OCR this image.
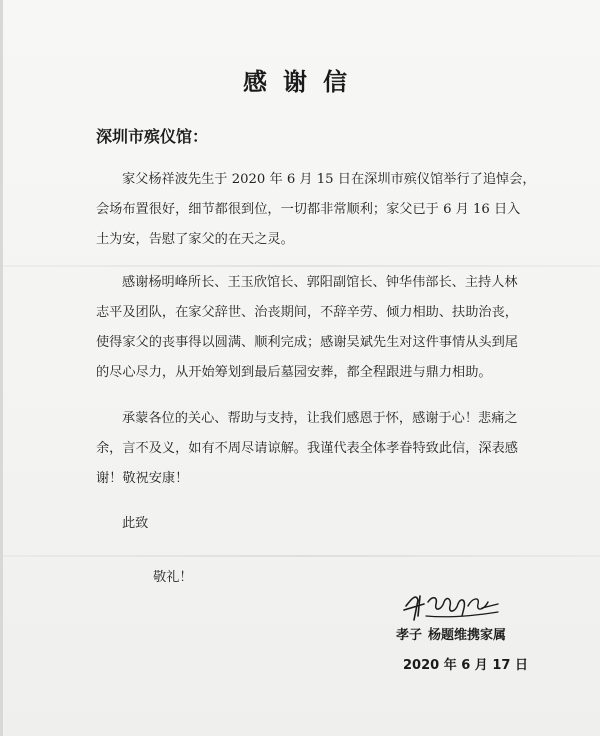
感谢信
深圳市殡仪馆：
家父杨祥波先生于 2020 年 6 月 15 日在深圳市殡仪馆举行了追悼会，
会场布置很好，细节都很到位，一切都非常顺利；家父已于 6 月 16 日入
土为安，告慰了家父的在天之灵。
感谢杨明峰所长、王玉欣馆长、郭阳副馆长、钟华伟部长、主持人林
志平及团队，在家父辞世、治丧期间，不辞辛劳、倾力相助、扶助治丧，
使得家父的丧事得以圆满、顺利完成；感谢吴斌先生对这件事情从头到尾
的尽心尽力，从开始筹划到最后墓园安葬，都全程跟进与鼎力相助。
承蒙各位的关心、帮助与支持，让我们感恩于怀，感谢于心！悲痛之
余，言不及义，如有不周尽请谅解。我谨代表全体孝眷特致此信，深表感
谢！敬祝安康！
此致
敬礼！
孝子 杨题维携家属
2020 年 6 月 17 日
